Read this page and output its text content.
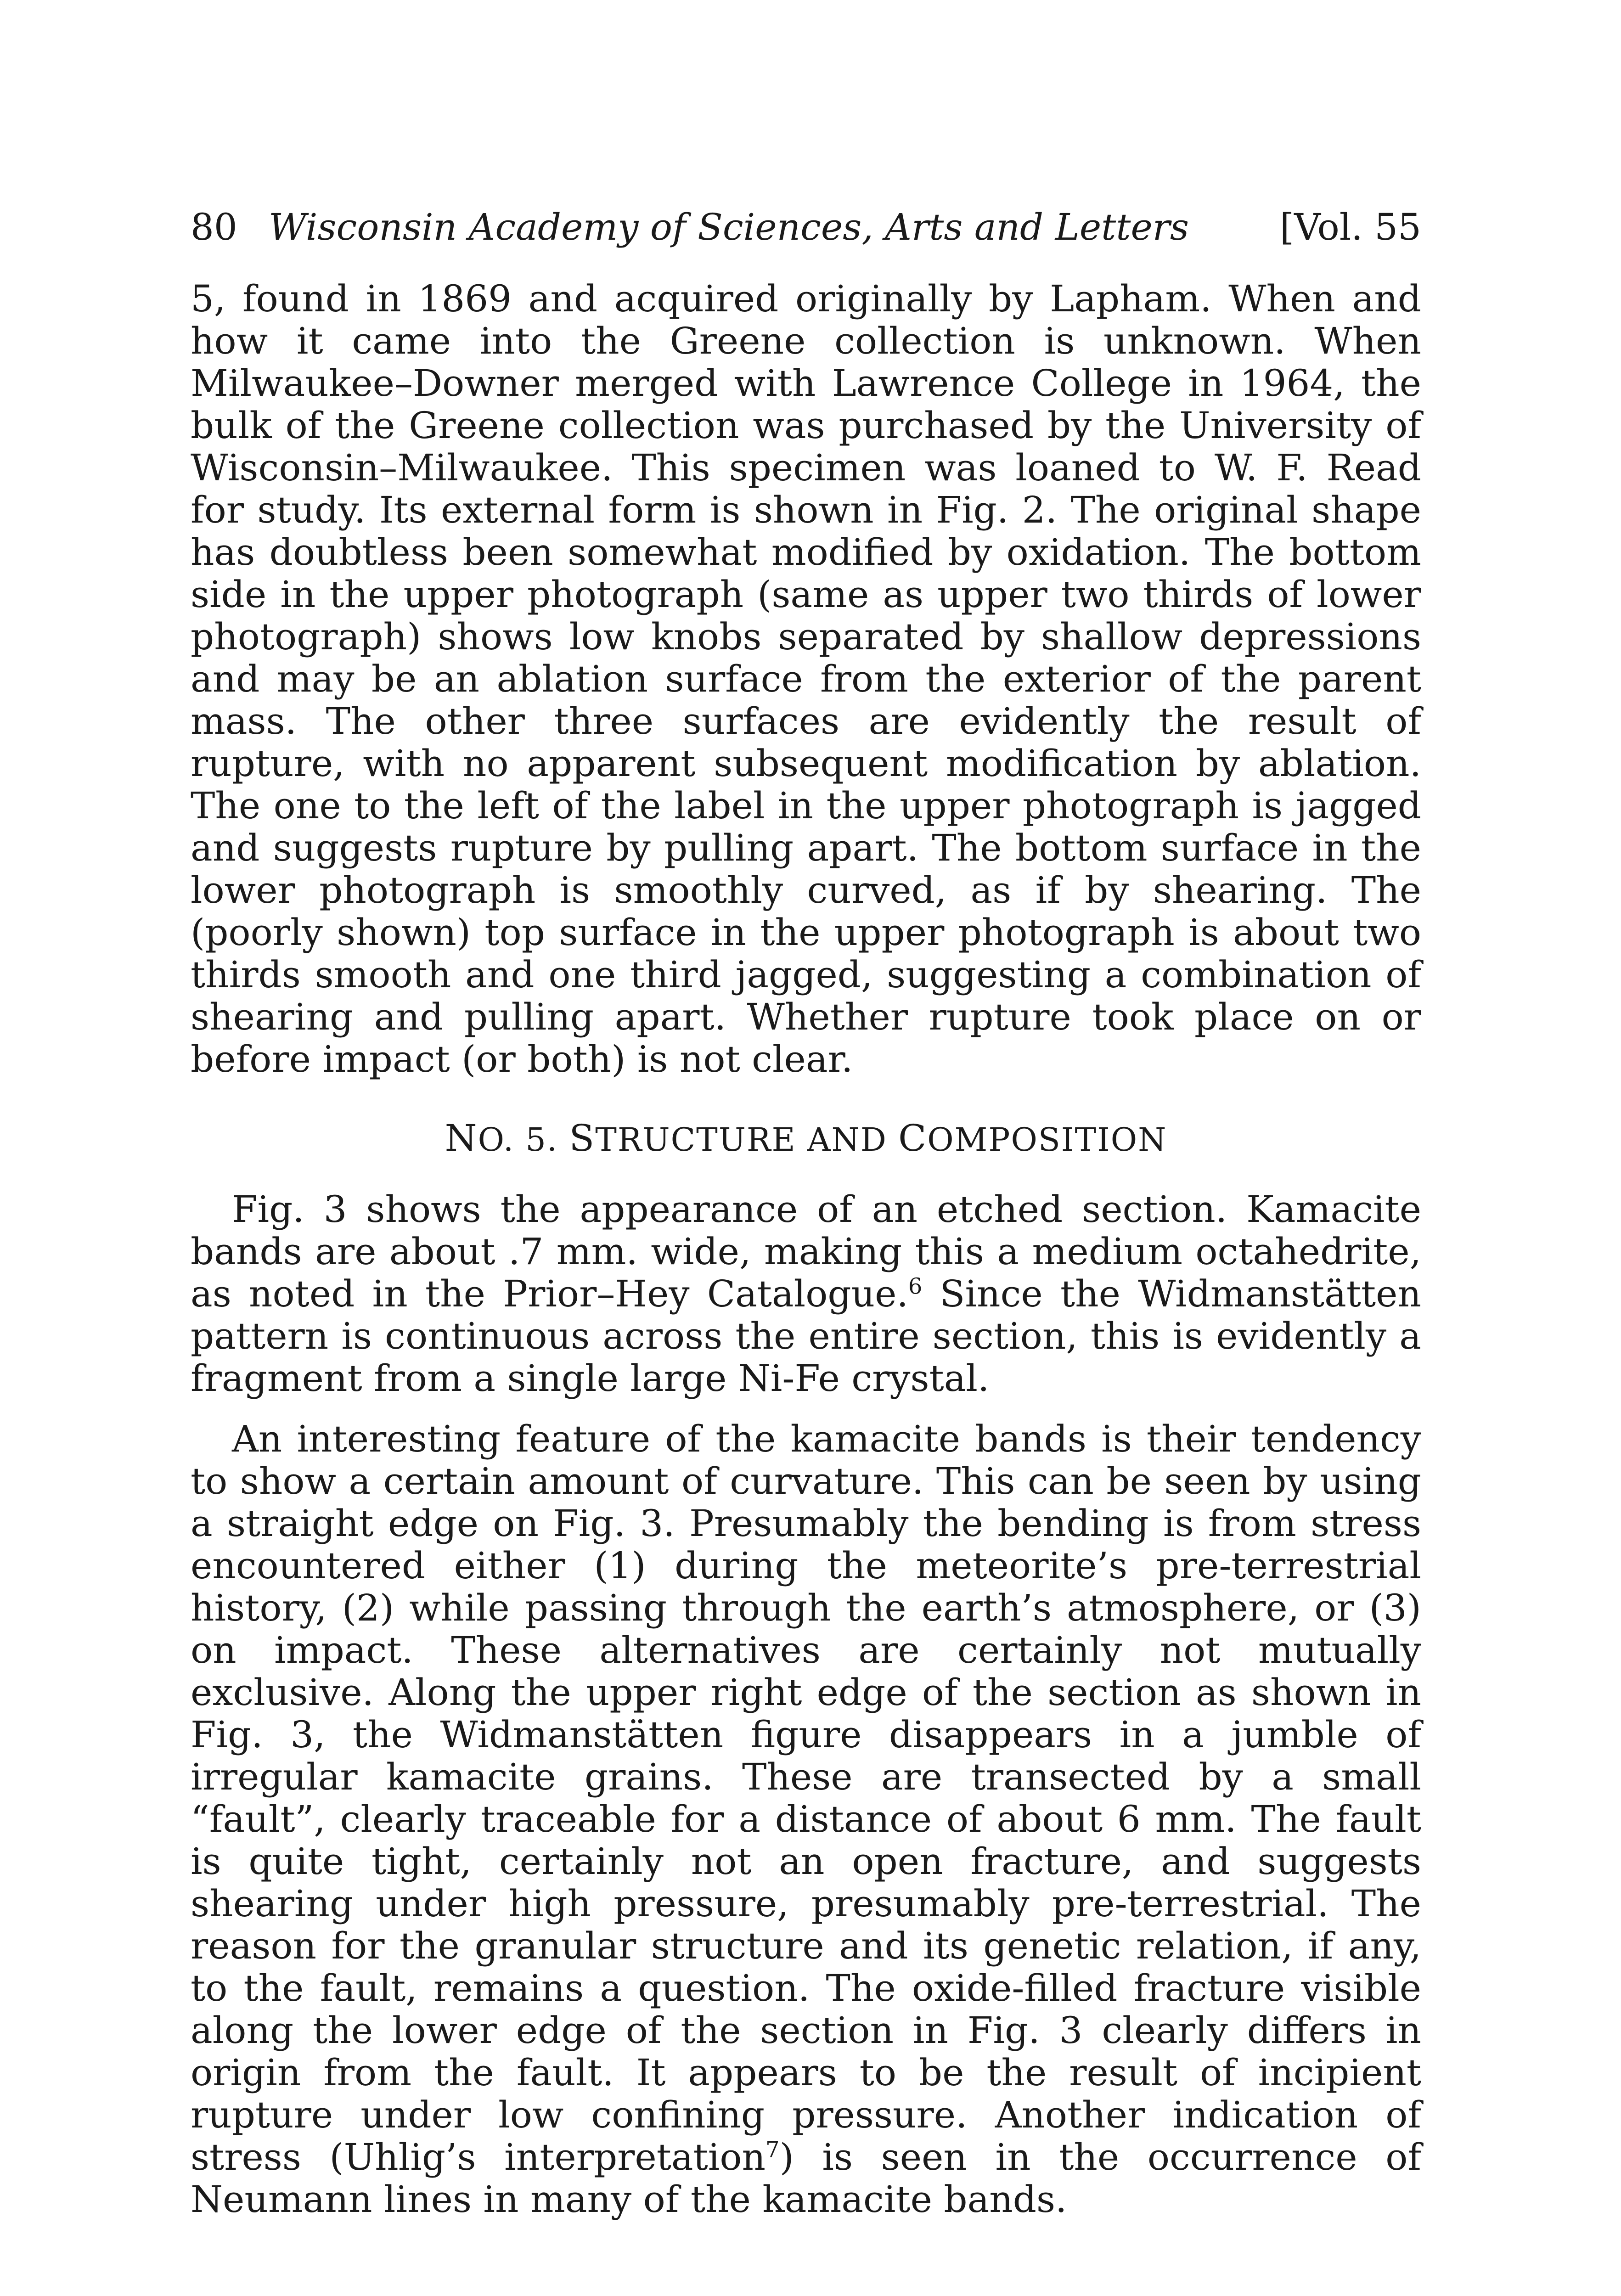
80 Wisconsin Academy of Sciences, Arts and Letters	[Vol. 55

5, found in 1869 and acquired originally by Lapham. When and how it came into the Greene collection is unknown. When Milwaukee–Downer merged with Lawrence College in 1964, the bulk of the Greene collection was purchased by the University of Wisconsin–Milwaukee. This specimen was loaned to W. F. Read for study. Its external form is shown in Fig. 2. The original shape has doubtless been somewhat modified by oxidation. The bottom side in the upper photograph (same as upper two thirds of lower photograph) shows low knobs separated by shallow depressions and may be an ablation surface from the exterior of the parent mass. The other three surfaces are evidently the result of rupture, with no apparent subsequent modification by ablation. The one to the left of the label in the upper photograph is jagged and suggests rupture by pulling apart. The bottom surface in the lower photograph is smoothly curved, as if by shearing. The (poorly shown) top surface in the upper photograph is about two thirds smooth and one third jagged, suggesting a combination of shearing and pulling apart. Whether rupture took place on or before impact (or both) is not clear.

NO. 5. STRUCTURE AND COMPOSITION

Fig. 3 shows the appearance of an etched section. Kamacite bands are about .7 mm. wide, making this a medium octahedrite, as noted in the Prior–Hey Catalogue.$^6$ Since the Widmanstätten pattern is continuous across the entire section, this is evidently a fragment from a single large Ni-Fe crystal.

An interesting feature of the kamacite bands is their tendency to show a certain amount of curvature. This can be seen by using a straight edge on Fig. 3. Presumably the bending is from stress encountered either (1) during the meteorite’s pre-terrestrial history, (2) while passing through the earth’s atmosphere, or (3) on impact. These alternatives are certainly not mutually exclusive. Along the upper right edge of the section as shown in Fig. 3, the Widmanstätten figure disappears in a jumble of irregular kamacite grains. These are transected by a small “fault”, clearly traceable for a distance of about 6 mm. The fault is quite tight, certainly not an open fracture, and suggests shearing under high pressure, presumably pre-terrestrial. The reason for the granular structure and its genetic relation, if any, to the fault, remains a question. The oxide-filled fracture visible along the lower edge of the section in Fig. 3 clearly differs in origin from the fault. It appears to be the result of incipient rupture under low confining pressure. Another indication of stress (Uhlig’s interpretation$^7$) is seen in the occurrence of Neumann lines in many of the kamacite bands.
